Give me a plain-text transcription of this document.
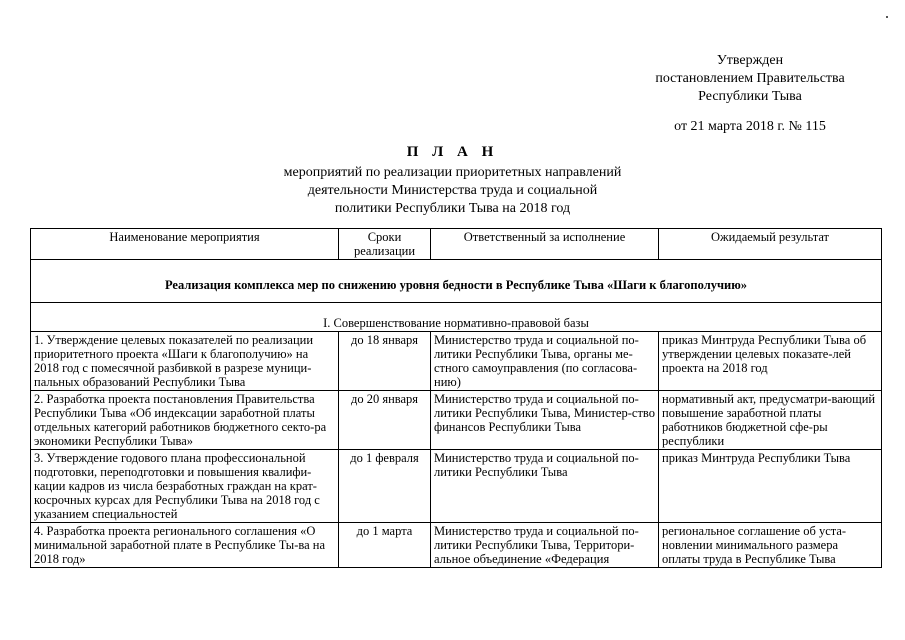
Утвержден
постановлением Правительства
Республики Тыва
от 21 марта 2018 г. № 115
П Л А Н
мероприятий по реализации приоритетных направлений
деятельности Министерства труда и социальной
политики Республики Тыва на 2018 год
Наименование мероприятия	Сроки реализации	Ответственный за исполнение	Ожидаемый результат

Реализация комплекса мер по снижению уровня бедности в Республике Тыва «Шаги к благополучию»			

I. Совершенствование нормативно-правовой базы			
1. Утверждение целевых показателей по реализации приоритетного проекта «Шаги к благополучию» на 2018 год с помесячной разбивкой в разрезе муници-пальных образований Республики Тыва	до 18 января	Министерство труда и социальной по-литики Республики Тыва, органы ме-стного самоуправления (по согласова-нию)	приказ Минтруда Республики Тыва об утверждении целевых показате-лей проекта на 2018 год
2. Разработка проекта постановления Правительства Республики Тыва «Об индексации заработной платы отдельных категорий работников бюджетного секто-ра экономики Республики Тыва»	до 20 января	Министерство труда и социальной по-литики Республики Тыва, Министер-ство финансов Республики Тыва	нормативный акт, предусматри-вающий повышение заработной платы работников бюджетной сфе-ры республики
3. Утверждение годового плана профессиональной подготовки, переподготовки и повышения квалифи-кации кадров из числа безработных граждан на крат-косрочных курсах для Республики Тыва на 2018 год с указанием специальностей	до 1 февраля	Министерство труда и социальной по-литики Республики Тыва	приказ Минтруда Республики Тыва
4. Разработка проекта регионального соглашения «О минимальной заработной плате в Республике Ты-ва на 2018 год»	до 1 марта	Министерство труда и социальной по-литики Республики Тыва, Территори-альное объединение «Федерация	региональное соглашение об уста-новлении минимального размера оплаты труда в Республике Тыва
